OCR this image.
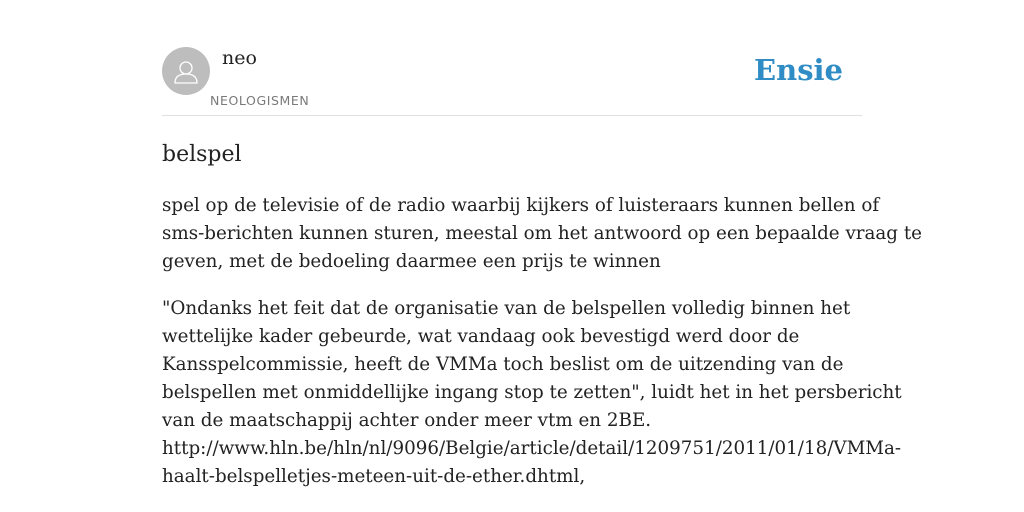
neo
NEOLOGISMEN
Ensie
belspel

spel op de televisie of de radio waarbij kijkers of luisteraars kunnen bellen of
sms-berichten kunnen sturen, meestal om het antwoord op een bepaalde vraag te
geven, met de bedoeling daarmee een prijs te winnen

"Ondanks het feit dat de organisatie van de belspellen volledig binnen het
wettelijke kader gebeurde, wat vandaag ook bevestigd werd door de
Kansspelcommissie, heeft de VMMa toch beslist om de uitzending van de
belspellen met onmiddellijke ingang stop te zetten", luidt het in het persbericht
van de maatschappij achter onder meer vtm en 2BE.
http://www.hln.be/hln/nl/9096/Belgie/article/detail/1209751/2011/01/18/VMMa-
haalt-belspelletjes-meteen-uit-de-ether.dhtml,
